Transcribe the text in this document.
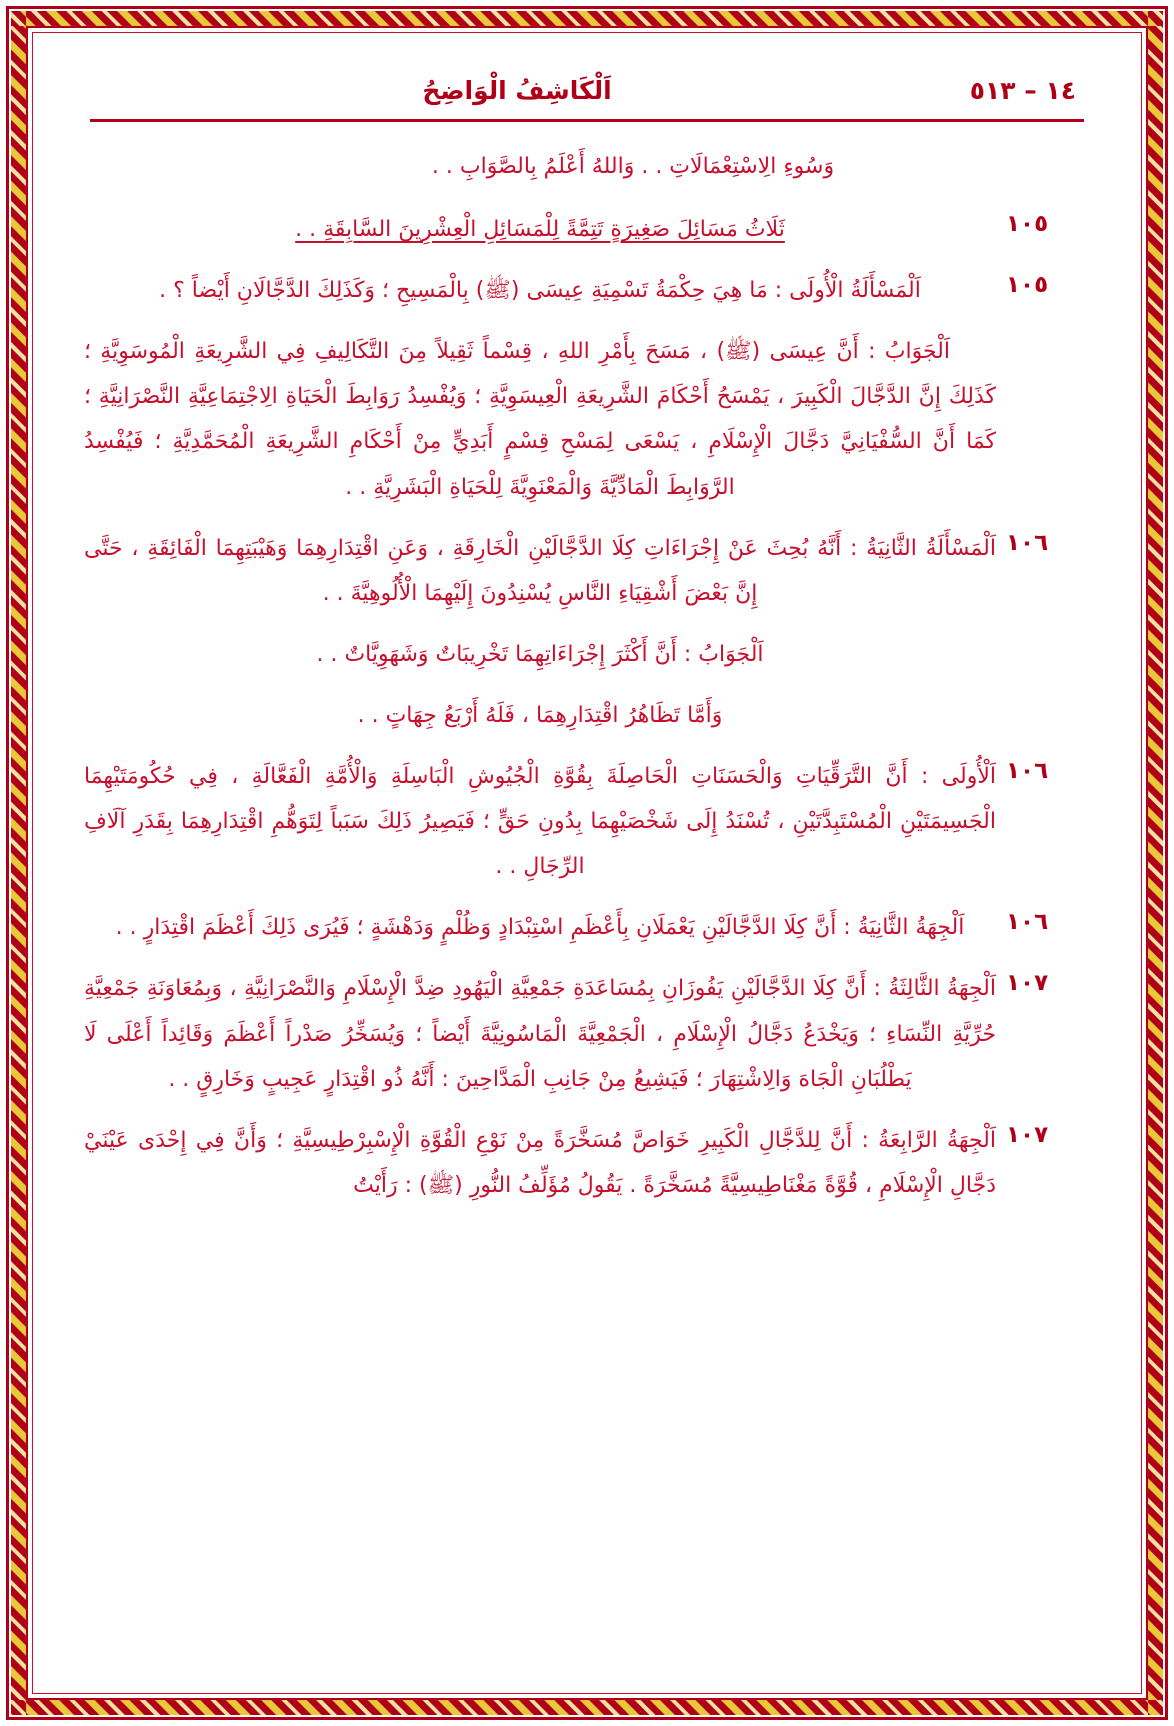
اَلْكَاشِفُ الْوَاضِحُ	١٤ – ٥١٣
وَسُوءِ الِاسْتِعْمَالَاتِ . . وَاللهُ أَعْلَمُ بِالصَّوَابِ . .
١٠٥
ثَلَاثُ مَسَائِلَ صَغِيرَةٍ تَتِمَّةً لِلْمَسَائِلِ الْعِشْرِينَ السَّابِقَةِ . .
١٠٥
اَلْمَسْأَلَةُ الْأُولَى : مَا هِيَ حِكْمَةُ تَسْمِيَةِ عِيسَى (ﷺ) بِالْمَسِيحِ ؛ وَكَذَلِكَ الدَّجَّالَانِ أَيْضاً ؟ .
اَلْجَوَابُ : أَنَّ عِيسَى (ﷺ) ، مَسَحَ بِأَمْرِ اللهِ ، قِسْماً ثَقِيلاً مِنَ التَّكَالِيفِ فِي الشَّرِيعَةِ الْمُوسَوِيَّةِ ؛ كَذَلِكَ إِنَّ الدَّجَّالَ الْكَبِيرَ ، يَمْسَحُ أَحْكَامَ الشَّرِيعَةِ الْعِيسَوِيَّةِ ؛ وَيُفْسِدُ رَوَابِطَ الْحَيَاةِ الِاجْتِمَاعِيَّةِ النَّصْرَانِيَّةِ ؛ كَمَا أَنَّ السُّفْيَانِيَّ دَجَّالَ الْإِسْلَامِ ، يَسْعَى لِمَسْحِ قِسْمٍ أَبَدِيٍّ مِنْ أَحْكَامِ الشَّرِيعَةِ الْمُحَمَّدِيَّةِ ؛ فَيُفْسِدُ الرَّوَابِطَ الْمَادِّيَّةَ وَالْمَعْنَوِيَّةَ لِلْحَيَاةِ الْبَشَرِيَّةِ . .
١٠٦
اَلْمَسْأَلَةُ الثَّانِيَةُ : أَنَّهُ بُحِثَ عَنْ إِجْرَاءَاتِ كِلَا الدَّجَّالَيْنِ الْخَارِقَةِ ، وَعَنِ اقْتِدَارِهِمَا وَهَيْبَتِهِمَا الْفَائِقَةِ ، حَتَّى إِنَّ بَعْضَ أَشْقِيَاءِ النَّاسِ يُسْنِدُونَ إِلَيْهِمَا الْأُلُوهِيَّةَ . .
اَلْجَوَابُ : أَنَّ أَكْثَرَ إِجْرَاءَاتِهِمَا تَخْرِيبَاتٌ وَشَهَوِيَّاتٌ . .
وَأَمَّا تَظَاهُرُ اقْتِدَارِهِمَا ، فَلَهُ أَرْبَعُ جِهَاتٍ . .
١٠٦
اَلْأُولَى : أَنَّ التَّرَقِّيَاتِ وَالْحَسَنَاتِ الْحَاصِلَةَ بِقُوَّةِ الْجُيُوشِ الْبَاسِلَةِ وَالْأُمَّةِ الْفَعَّالَةِ ، فِي حُكُومَتَيْهِمَا الْجَسِيمَتَيْنِ الْمُسْتَبِدَّتَيْنِ ، تُسْنَدُ إِلَى شَخْصَيْهِمَا بِدُونِ حَقٍّ ؛ فَيَصِيرُ ذَلِكَ سَبَباً لِتَوَهُّمِ اقْتِدَارِهِمَا بِقَدَرِ آلَافِ الرِّجَالِ . .
١٠٦
اَلْجِهَةُ الثَّانِيَةُ : أَنَّ كِلَا الدَّجَّالَيْنِ يَعْمَلَانِ بِأَعْظَمِ اسْتِبْدَادٍ وَظُلْمٍ وَدَهْشَةٍ ؛ فَيُرَى ذَلِكَ أَعْظَمَ اقْتِدَارٍ . .
١٠٧
اَلْجِهَةُ الثَّالِثَةُ : أَنَّ كِلَا الدَّجَّالَيْنِ يَفُوزَانِ بِمُسَاعَدَةِ جَمْعِيَّةِ الْيَهُودِ ضِدَّ الْإِسْلَامِ وَالنَّصْرَانِيَّةِ ، وَبِمُعَاوَنَةِ جَمْعِيَّةِ حُرِّيَّةِ النِّسَاءِ ؛ وَيَخْدَعُ دَجَّالُ الْإِسْلَامِ ، الْجَمْعِيَّةَ الْمَاسُونِيَّةَ أَيْضاً ؛ وَيُسَخِّرُ صَدْراً أَعْظَمَ وَقَائِداً أَعْلَى لَا يَطْلُبَانِ الْجَاهَ وَالِاشْتِهَارَ ؛ فَيَشِيعُ مِنْ جَانِبِ الْمَدَّاحِينَ : أَنَّهُ ذُو اقْتِدَارٍ عَجِيبٍ وَخَارِقٍ . .
١٠٧
اَلْجِهَةُ الرَّابِعَةُ : أَنَّ لِلدَّجَّالِ الْكَبِيرِ خَوَاصَّ مُسَخَّرَةً مِنْ نَوْعِ الْقُوَّةِ الْإِسْبِرْطِيسِيَّةِ ؛ وَأَنَّ فِي إِحْدَى عَيْنَيْ دَجَّالِ الْإِسْلَامِ ، قُوَّةً مَغْنَاطِيسِيَّةً مُسَخَّرَةً . يَقُولُ مُؤَلِّفُ النُّورِ (ﷺ) : رَأَيْتُ
